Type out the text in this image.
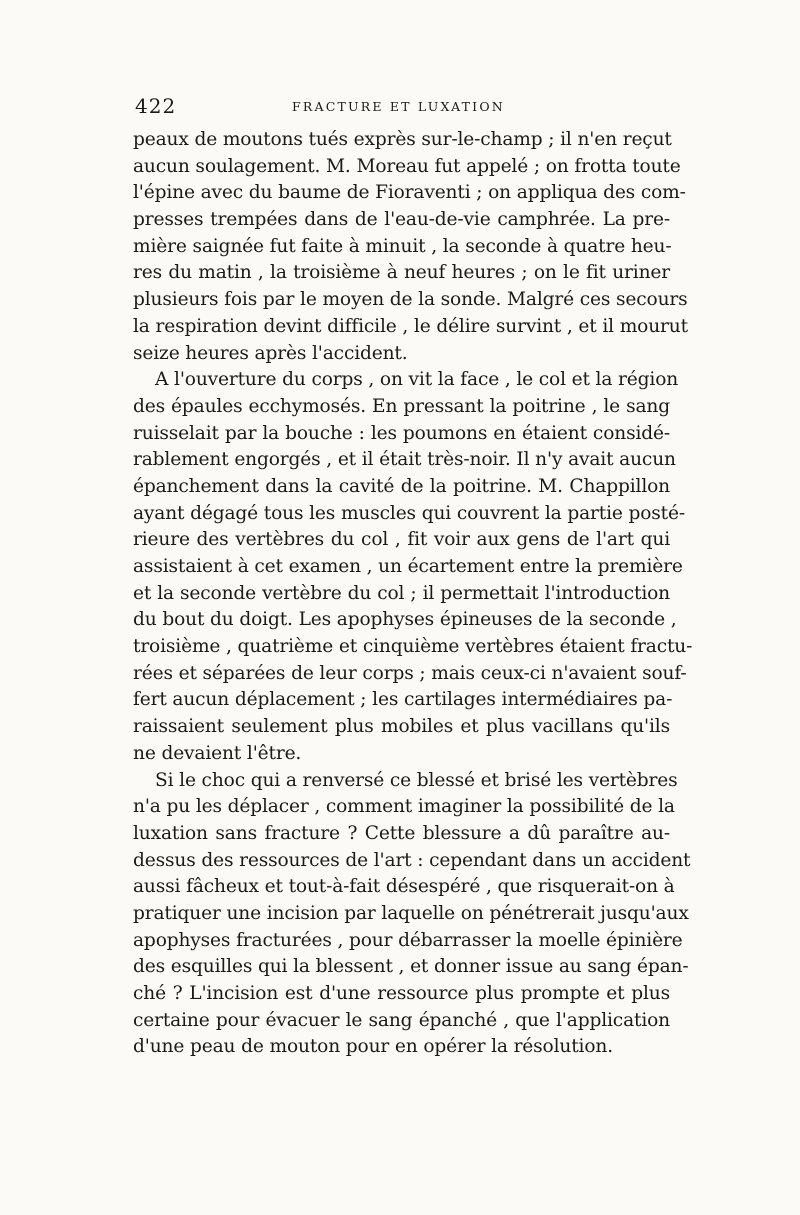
422	FRACTURE ET LUXATION
peaux de moutons tués exprès sur-le-champ ; il n'en reçut
aucun soulagement. M. Moreau fut appelé ; on frotta toute
l'épine avec du baume de Fioraventi ; on appliqua des com-
presses trempées dans de l'eau-de-vie camphrée. La pre-
mière saignée fut faite à minuit , la seconde à quatre heu-
res du matin , la troisième à neuf heures ; on le fit uriner
plusieurs fois par le moyen de la sonde. Malgré ces secours
la respiration devint difficile , le délire survint , et il mourut
seize heures après l'accident.
A l'ouverture du corps , on vit la face , le col et la région
des épaules ecchymosés. En pressant la poitrine , le sang
ruisselait par la bouche : les poumons en étaient considé-
rablement engorgés , et il était très-noir. Il n'y avait aucun
épanchement dans la cavité de la poitrine. M. Chappillon
ayant dégagé tous les muscles qui couvrent la partie posté-
rieure des vertèbres du col , fit voir aux gens de l'art qui
assistaient à cet examen , un écartement entre la première
et la seconde vertèbre du col ; il permettait l'introduction
du bout du doigt. Les apophyses épineuses de la seconde ,
troisième , quatrième et cinquième vertèbres étaient fractu-
rées et séparées de leur corps ; mais ceux-ci n'avaient souf-
fert aucun déplacement ; les cartilages intermédiaires pa-
raissaient seulement plus mobiles et plus vacillans qu'ils
ne devaient l'être.
Si le choc qui a renversé ce blessé et brisé les vertèbres
n'a pu les déplacer , comment imaginer la possibilité de la
luxation sans fracture ? Cette blessure a dû paraître au-
dessus des ressources de l'art : cependant dans un accident
aussi fâcheux et tout-à-fait désespéré , que risquerait-on à
pratiquer une incision par laquelle on pénétrerait jusqu'aux
apophyses fracturées , pour débarrasser la moelle épinière
des esquilles qui la blessent , et donner issue au sang épan-
ché ? L'incision est d'une ressource plus prompte et plus
certaine pour évacuer le sang épanché , que l'application
d'une peau de mouton pour en opérer la résolution.
